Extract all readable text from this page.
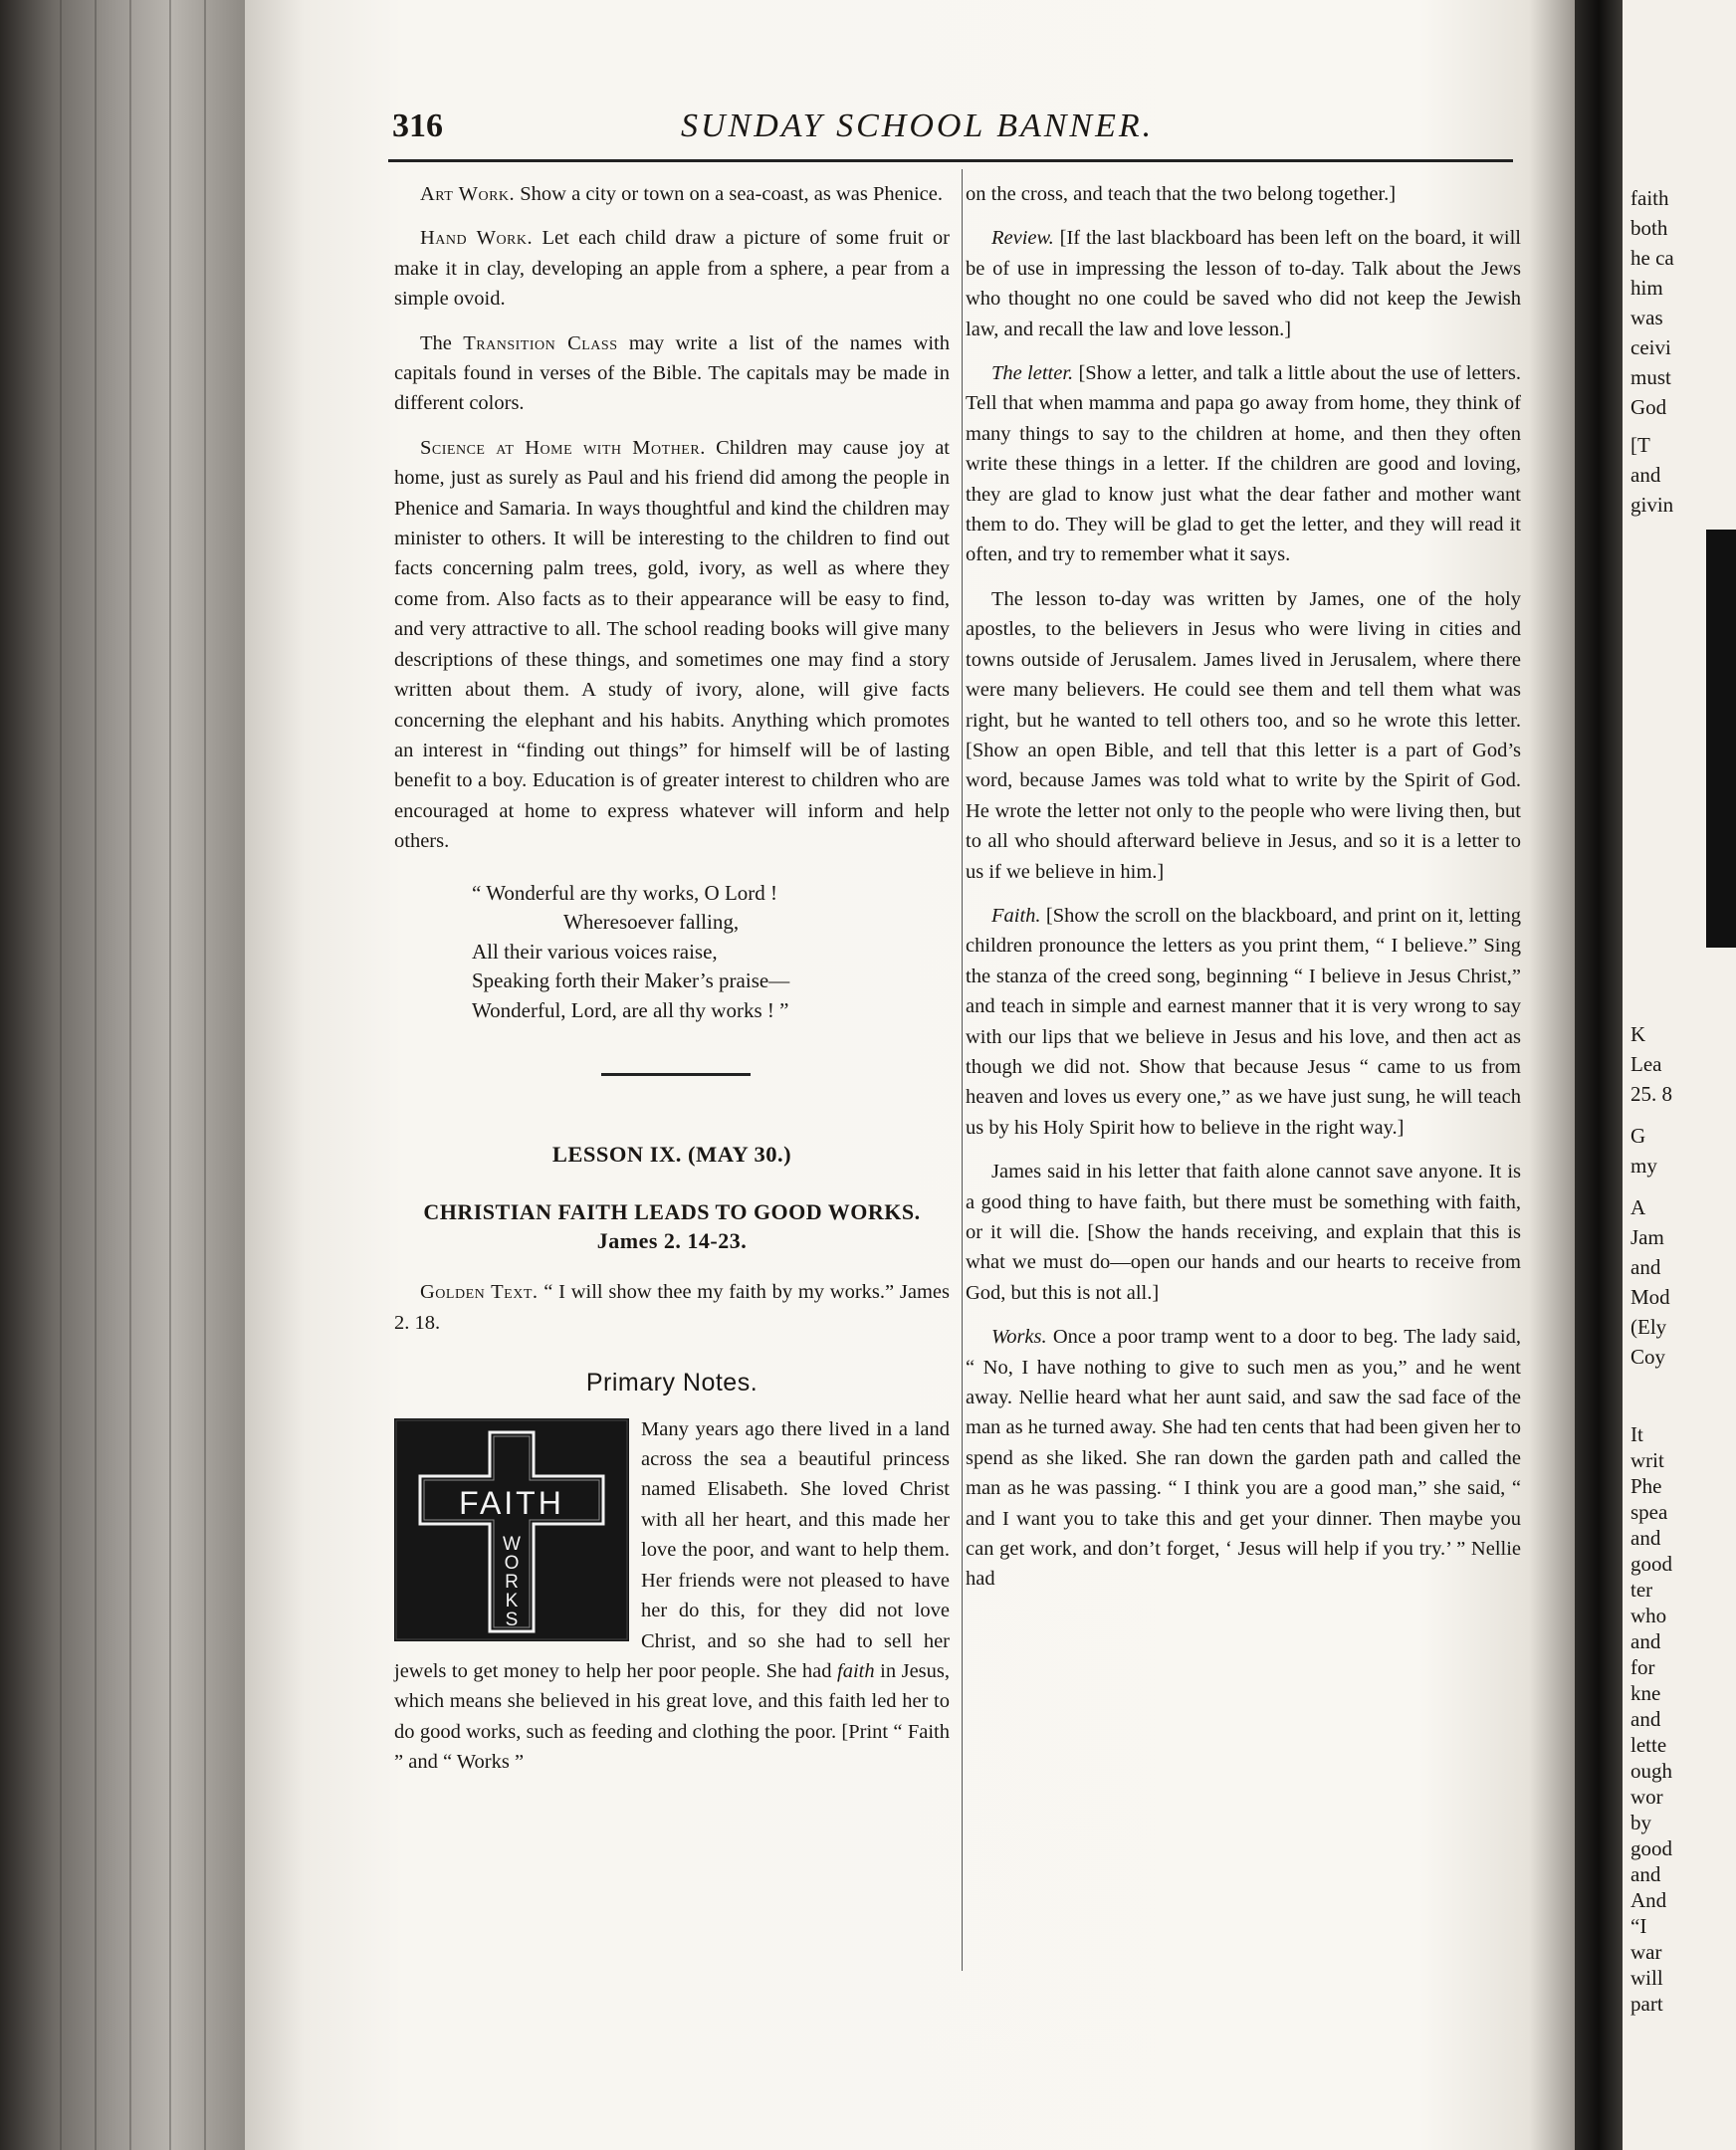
faith
both
he ca
him
was
ceivi
must
God
[T
and
givin
K
Lea
25. 8
G
my
A
Jam
and
Mod
(Ely
Coy
It
writ
Phe
spea
and
good
ter
who
and
for
kne
and
lette
ough
wor
by
good
and
And
“I
war
will
part
316	SUNDAY SCHOOL BANNER.

Art Work. Show a city or town on a sea-coast, as was Phenice.

Hand Work. Let each child draw a picture of some fruit or make it in clay, developing an apple from a sphere, a pear from a simple ovoid.

The Transition Class may write a list of the names with capitals found in verses of the Bible. The capitals may be made in different colors.

Science at Home with Mother. Children may cause joy at home, just as surely as Paul and his friend did among the people in Phenice and Samaria. In ways thoughtful and kind the children may minister to others. It will be interesting to the children to find out facts concerning palm trees, gold, ivory, as well as where they come from. Also facts as to their appearance will be easy to find, and very attractive to all. The school reading books will give many descriptions of these things, and sometimes one may find a story written about them. A study of ivory, alone, will give facts concerning the elephant and his habits. Anything which promotes an interest in “finding out things” for himself will be of lasting benefit to a boy. Education is of greater interest to children who are encouraged at home to express whatever will inform and help others.

“ Wonderful are thy works, O Lord !
Wheresoever falling,
All their various voices raise,
Speaking forth their Maker’s praise—
Wonderful, Lord, are all thy works ! ”
LESSON IX. (MAY 30.)
CHRISTIAN FAITH LEADS TO GOOD WORKS. James 2. 14-23.
Golden Text. “ I will show thee my faith by my works.” James 2. 18.
Primary Notes.
FAITH
W
O
R
K
S
Many years ago there lived in a land across the sea a beautiful princess named Elisabeth. She loved Christ with all her heart, and this made her love the poor, and want to help them. Her friends were not pleased to have her do this, for they did not love Christ, and so she had to sell her jewels to get money to help her poor people. She had faith in Jesus, which means she believed in his great love, and this faith led her to do good works, such as feeding and clothing the poor. [Print “ Faith ” and “ Works ”

on the cross, and teach that the two belong together.]

Review. [If the last blackboard has been left on the board, it will be of use in impressing the lesson of to-day. Talk about the Jews who thought no one could be saved who did not keep the Jewish law, and recall the law and love lesson.]

The letter. [Show a letter, and talk a little about the use of letters. Tell that when mamma and papa go away from home, they think of many things to say to the children at home, and then they often write these things in a letter. If the children are good and loving, they are glad to know just what the dear father and mother want them to do. They will be glad to get the letter, and they will read it often, and try to remember what it says.

The lesson to-day was written by James, one of the holy apostles, to the believers in Jesus who were living in cities and towns outside of Jerusalem. James lived in Jerusalem, where there were many believers. He could see them and tell them what was right, but he wanted to tell others too, and so he wrote this letter. [Show an open Bible, and tell that this letter is a part of God’s word, because James was told what to write by the Spirit of God. He wrote the letter not only to the people who were living then, but to all who should afterward believe in Jesus, and so it is a letter to us if we believe in him.]

Faith. [Show the scroll on the blackboard, and print on it, letting children pronounce the letters as you print them, “ I believe.” Sing the stanza of the creed song, beginning “ I believe in Jesus Christ,” and teach in simple and earnest manner that it is very wrong to say with our lips that we believe in Jesus and his love, and then act as though we did not. Show that because Jesus “ came to us from heaven and loves us every one,” as we have just sung, he will teach us by his Holy Spirit how to believe in the right way.]

James said in his letter that faith alone cannot save anyone. It is a good thing to have faith, but there must be something with faith, or it will die. [Show the hands receiving, and explain that this is what we must do—open our hands and our hearts to receive from God, but this is not all.]

Works. Once a poor tramp went to a door to beg. The lady said, “ No, I have nothing to give to such men as you,” and he went away. Nellie heard what her aunt said, and saw the sad face of the man as he turned away. She had ten cents that had been given her to spend as she liked. She ran down the garden path and called the man as he was passing. “ I think you are a good man,” she said, “ and I want you to take this and get your dinner. Then maybe you can get work, and don’t forget, ‘ Jesus will help if you try.’ ” Nellie had
